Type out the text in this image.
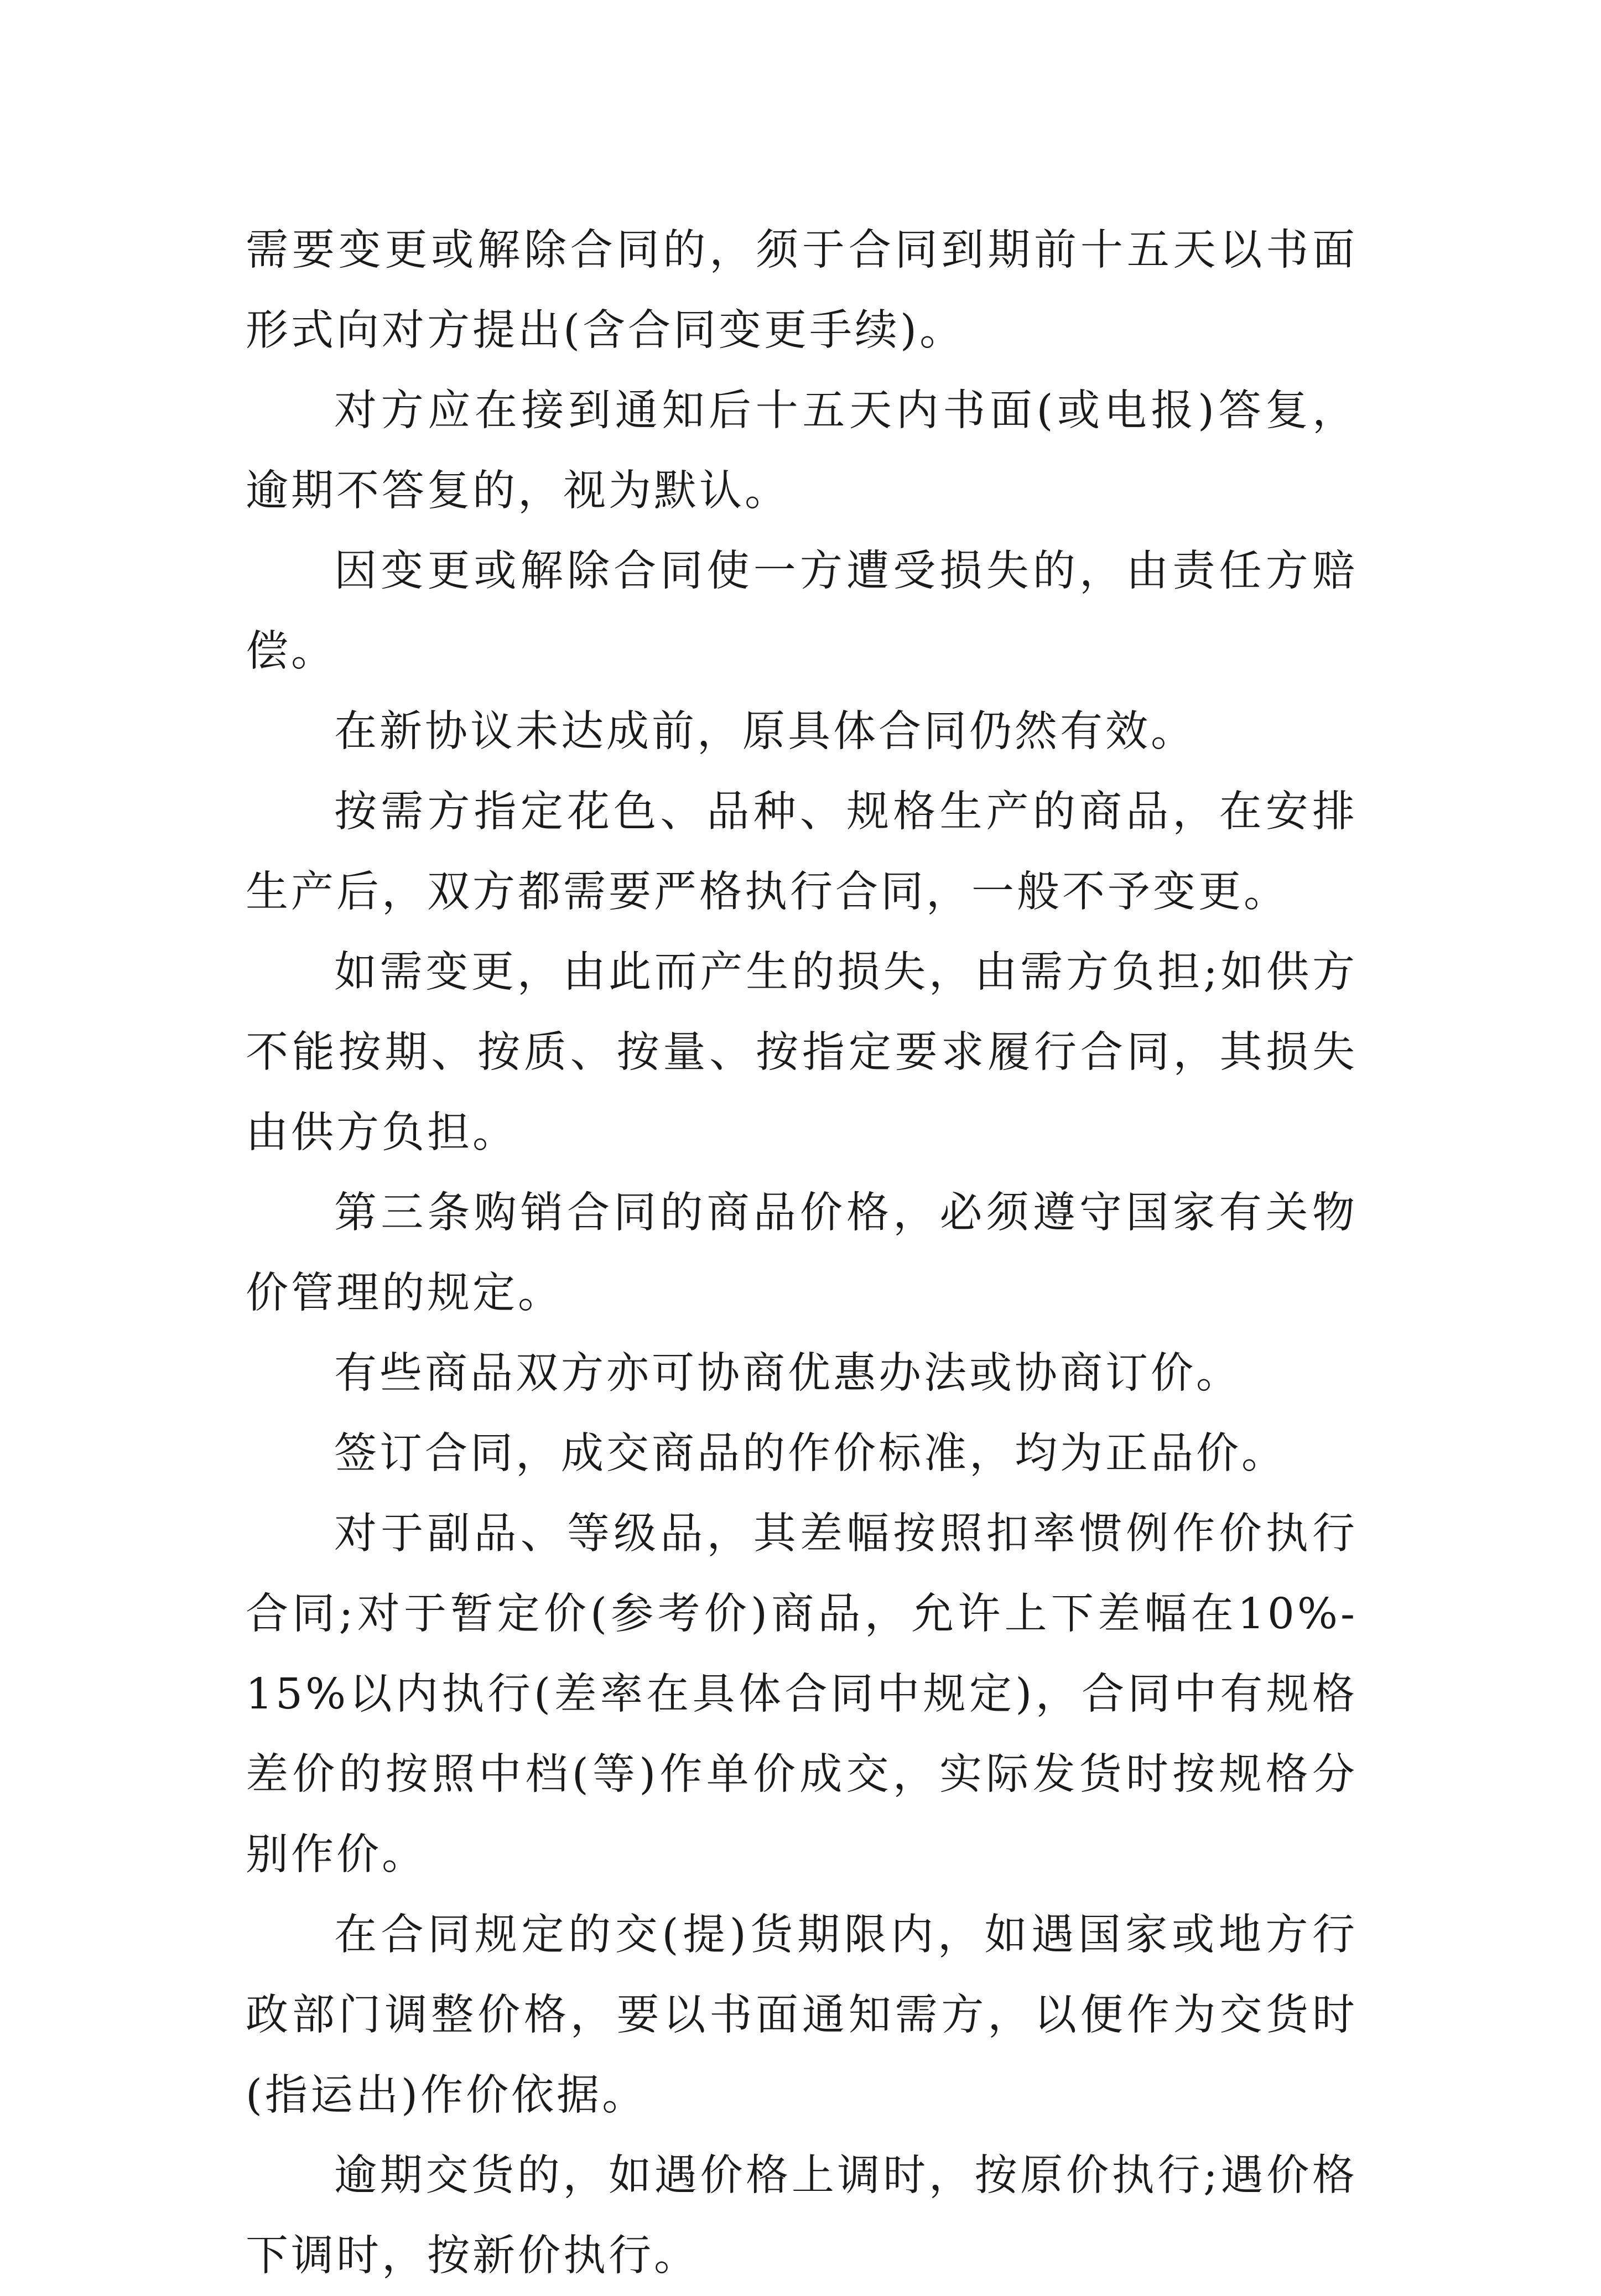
需要变更或解除合同的，须于合同到期前十五天以书面形式向对方提出(含合同变更手续)。

对方应在接到通知后十五天内书面(或电报)答复，逾期不答复的，视为默认。

因变更或解除合同使一方遭受损失的，由责任方赔偿。

在新协议未达成前，原具体合同仍然有效。

按需方指定花色、品种、规格生产的商品，在安排生产后，双方都需要严格执行合同，一般不予变更。

如需变更，由此而产生的损失，由需方负担;如供方不能按期、按质、按量、按指定要求履行合同，其损失由供方负担。

第三条购销合同的商品价格，必须遵守国家有关物价管理的规定。

有些商品双方亦可协商优惠办法或协商订价。

签订合同，成交商品的作价标准，均为正品价。

对于副品、等级品，其差幅按照扣率惯例作价执行合同;对于暂定价(参考价)商品，允许上下差幅在10%-15%以内执行(差率在具体合同中规定)，合同中有规格差价的按照中档(等)作单价成交，实际发货时按规格分别作价。

在合同规定的交(提)货期限内，如遇国家或地方行政部门调整价格，要以书面通知需方，以便作为交货时(指运出)作价依据。

逾期交货的，如遇价格上调时，按原价执行;遇价格下调时，按新价执行。
